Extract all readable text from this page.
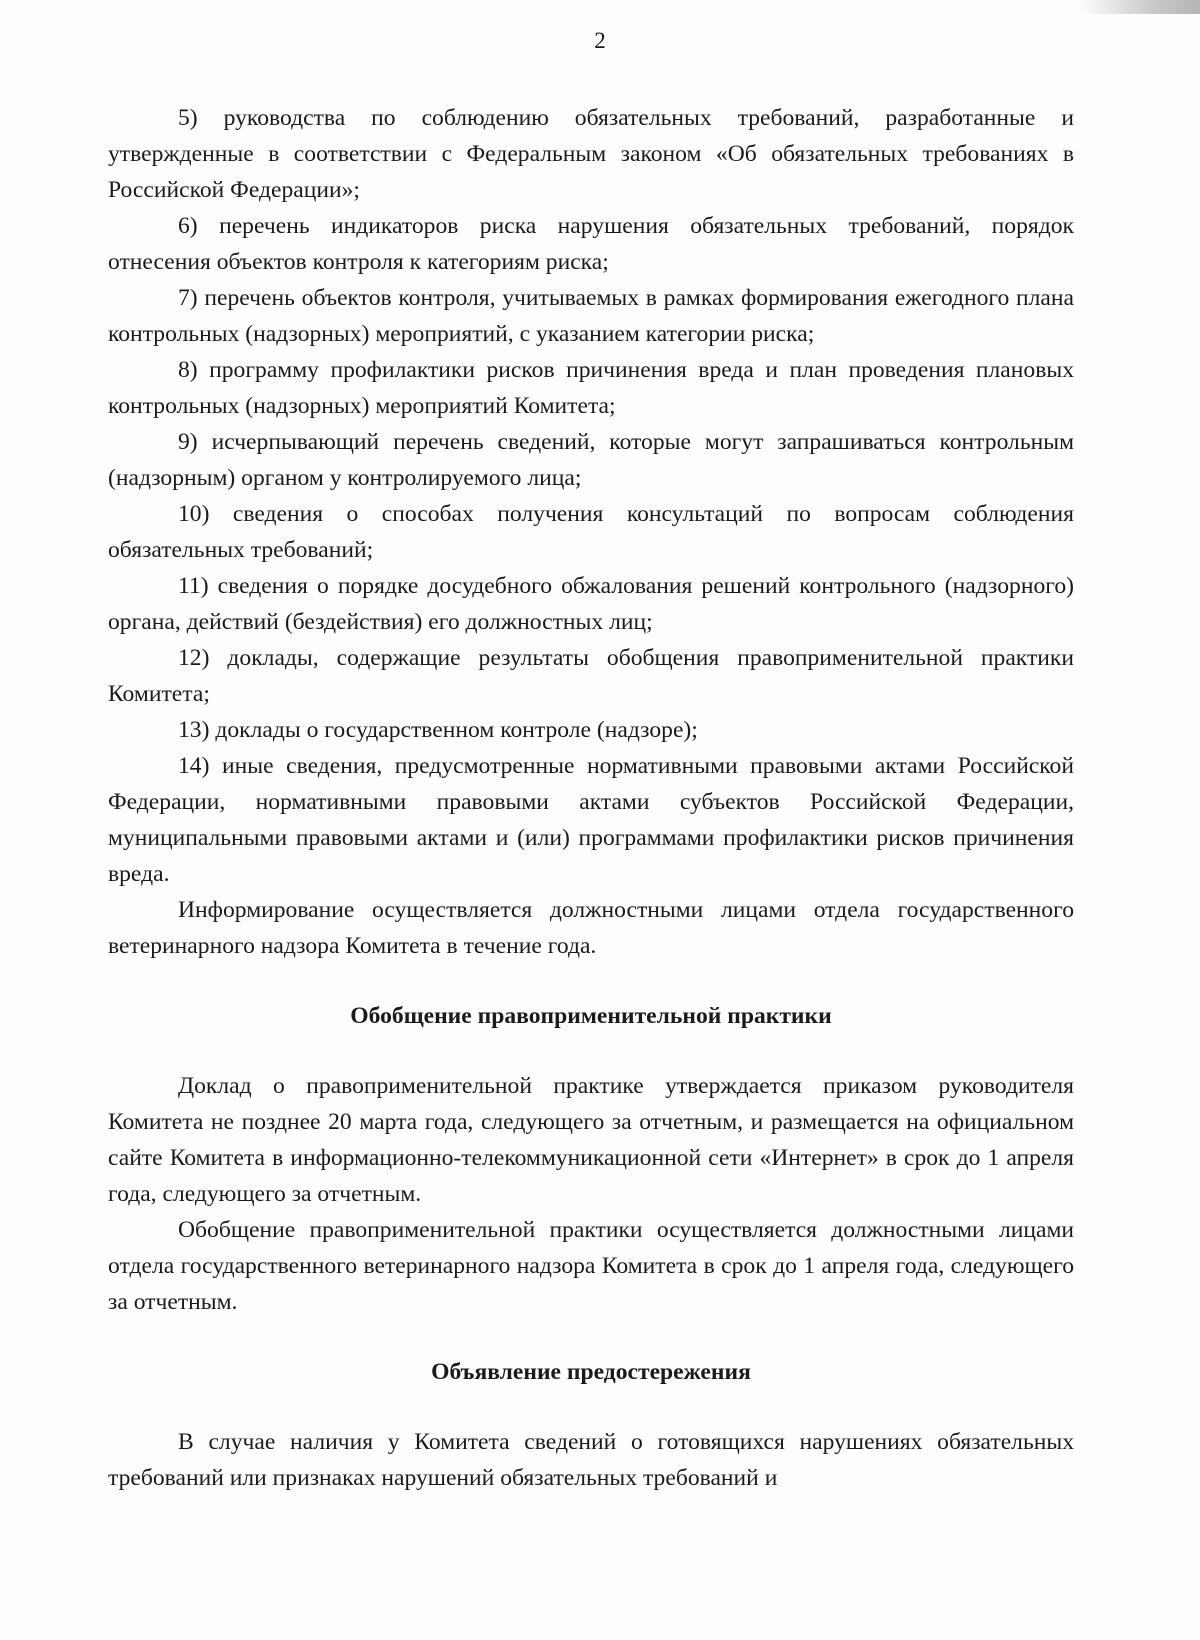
2

5) руководства по соблюдению обязательных требований, разработанные и утвержденные в соответствии с Федеральным законом «Об обязательных требованиях в Российской Федерации»;

6) перечень индикаторов риска нарушения обязательных требований, порядок отнесения объектов контроля к категориям риска;

7) перечень объектов контроля, учитываемых в рамках формирования ежегодного плана контрольных (надзорных) мероприятий, с указанием категории риска;

8) программу профилактики рисков причинения вреда и план проведения плановых контрольных (надзорных) мероприятий Комитета;

9) исчерпывающий перечень сведений, которые могут запрашиваться контрольным (надзорным) органом у контролируемого лица;

10) сведения о способах получения консультаций по вопросам соблюдения обязательных требований;

11) сведения о порядке досудебного обжалования решений контрольного (надзорного) органа, действий (бездействия) его должностных лиц;

12) доклады, содержащие результаты обобщения правоприменительной практики Комитета;

13) доклады о государственном контроле (надзоре);

14) иные сведения, предусмотренные нормативными правовыми актами Российской Федерации, нормативными правовыми актами субъектов Российской Федерации, муниципальными правовыми актами и (или) программами профилактики рисков причинения вреда.

Информирование осуществляется должностными лицами отдела государственного ветеринарного надзора Комитета в течение года.

Обобщение правоприменительной практики

Доклад о правоприменительной практике утверждается приказом руководителя Комитета не позднее 20 марта года, следующего за отчетным, и размещается на официальном сайте Комитета в информационно-телекоммуникационной сети «Интернет» в срок до 1 апреля года, следующего за отчетным.

Обобщение правоприменительной практики осуществляется должностными лицами отдела государственного ветеринарного надзора Комитета в срок до 1 апреля года, следующего за отчетным.

Объявление предостережения

В случае наличия у Комитета сведений о готовящихся нарушениях обязательных требований или признаках нарушений обязательных требований и
